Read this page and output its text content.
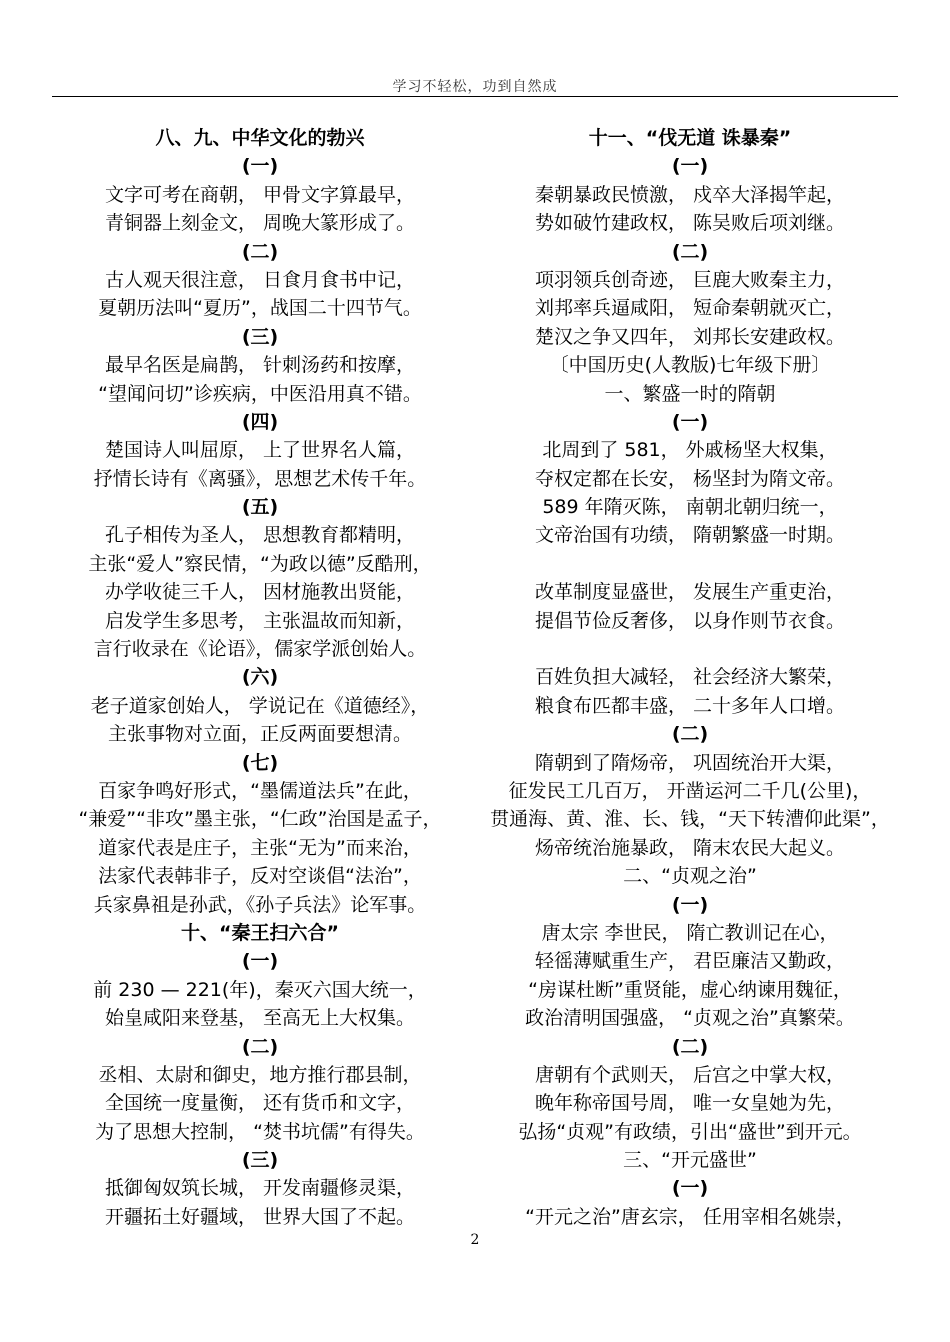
学习不轻松，功到自然成
八、九、中华文化的勃兴
(一)
文字可考在商朝， 甲骨文字算最早，
青铜器上刻金文， 周晚大篆形成了。
(二)
古人观天很注意， 日食月食书中记，
夏朝历法叫“夏历”，战国二十四节气。
(三)
最早名医是扁鹊， 针刺汤药和按摩，
“望闻问切”诊疾病，中医沿用真不错。
(四)
楚国诗人叫屈原， 上了世界名人篇，
抒情长诗有《离骚》，思想艺术传千年。
(五)
孔子相传为圣人， 思想教育都精明，
主张“爱人”察民情，“为政以德”反酷刑，
办学收徒三千人， 因材施教出贤能，
启发学生多思考， 主张温故而知新，
言行收录在《论语》，儒家学派创始人。
(六)
老子道家创始人， 学说记在《道德经》，
主张事物对立面，正反两面要想清。
(七)
百家争鸣好形式，“墨儒道法兵”在此，
“兼爱”“非攻”墨主张，“仁政”治国是孟子，
道家代表是庄子，主张“无为”而来治，
法家代表韩非子，反对空谈倡“法治”，
兵家鼻祖是孙武，《孙子兵法》论军事。
十、“秦王扫六合”
(一)
前 230 — 221(年)，秦灭六国大统一，
始皇咸阳来登基， 至高无上大权集。
(二)
丞相、太尉和御史，地方推行郡县制，
全国统一度量衡， 还有货币和文字，
为了思想大控制， “焚书坑儒”有得失。
(三)
抵御匈奴筑长城， 开发南疆修灵渠，
开疆拓土好疆域， 世界大国了不起。
十一、“伐无道 诛暴秦”
(一)
秦朝暴政民愤激， 戍卒大泽揭竿起，
势如破竹建政权， 陈吴败后项刘继。
(二)
项羽领兵创奇迹， 巨鹿大败秦主力，
刘邦率兵逼咸阳， 短命秦朝就灭亡，
楚汉之争又四年， 刘邦长安建政权。
〔中国历史(人教版)七年级下册〕
一、繁盛一时的隋朝
(一)
北周到了 581， 外戚杨坚大权集，
夺权定都在长安， 杨坚封为隋文帝。
589 年隋灭陈， 南朝北朝归统一，
文帝治国有功绩， 隋朝繁盛一时期。
改革制度显盛世， 发展生产重吏治，
提倡节俭反奢侈， 以身作则节衣食。
百姓负担大减轻， 社会经济大繁荣，
粮食布匹都丰盛， 二十多年人口增。
(二)
隋朝到了隋炀帝， 巩固统治开大渠，
征发民工几百万， 开凿运河二千几(公里)，
贯通海、黄、淮、长、钱，“天下转漕仰此渠”，
炀帝统治施暴政， 隋末农民大起义。
二、“贞观之治”
(一)
唐太宗 李世民， 隋亡教训记在心，
轻徭薄赋重生产， 君臣廉洁又勤政，
“房谋杜断”重贤能，虚心纳谏用魏征，
政治清明国强盛， “贞观之治”真繁荣。
(二)
唐朝有个武则天， 后宫之中掌大权，
晚年称帝国号周， 唯一女皇她为先，
弘扬“贞观”有政绩，引出“盛世”到开元。
三、“开元盛世”
(一)
“开元之治”唐玄宗， 任用宰相名姚崇，
2
